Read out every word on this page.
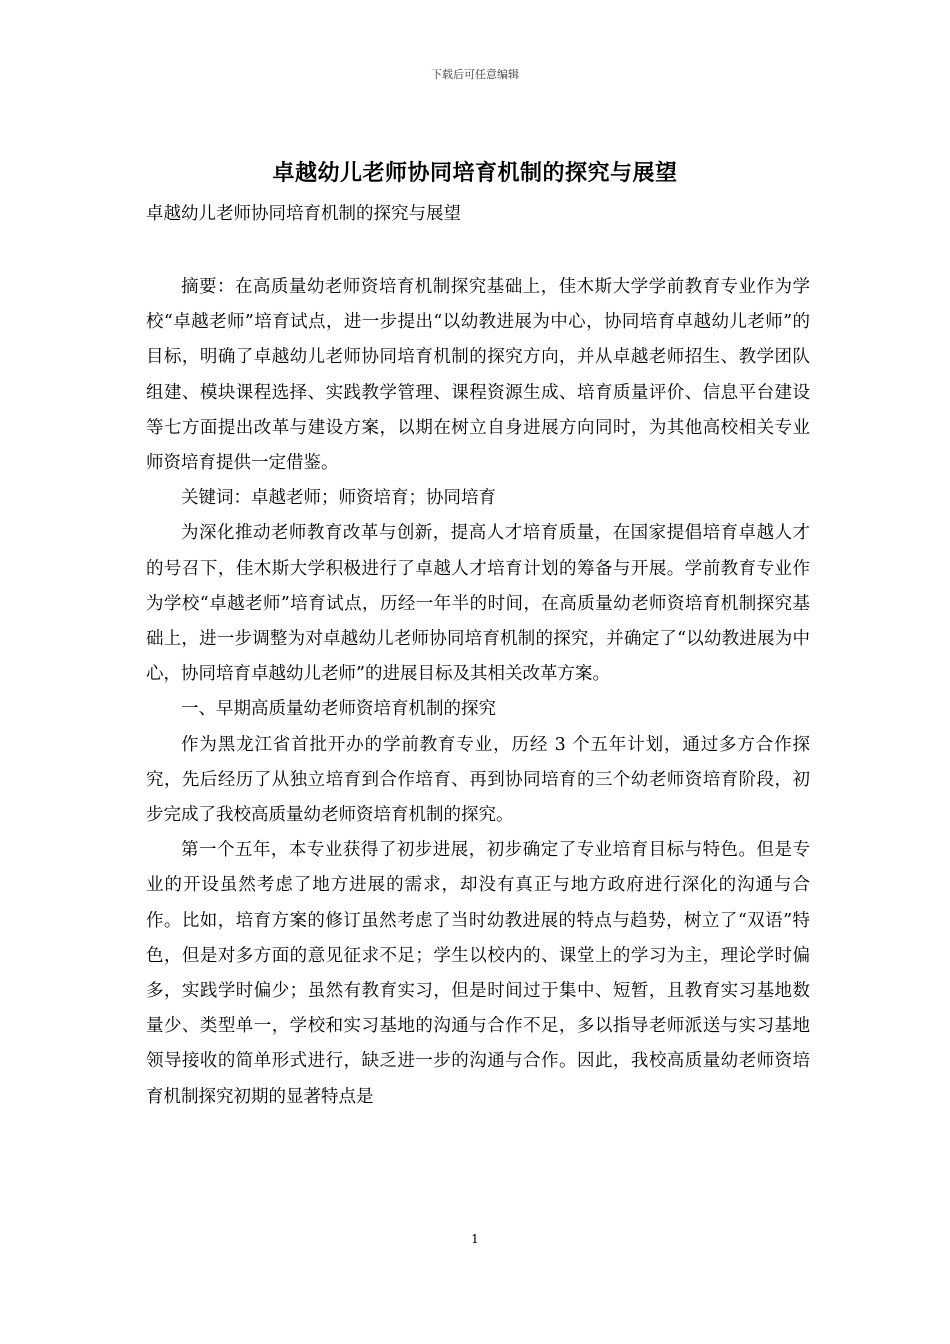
下载后可任意编辑
卓越幼儿老师协同培育机制的探究与展望
卓越幼儿老师协同培育机制的探究与展望

摘要：在高质量幼老师资培育机制探究基础上，佳木斯大学学前教育专业作为学校“卓越老师”培育试点，进一步提出“以幼教进展为中心，协同培育卓越幼儿老师”的目标，明确了卓越幼儿老师协同培育机制的探究方向，并从卓越老师招生、教学团队组建、模块课程选择、实践教学管理、课程资源生成、培育质量评价、信息平台建设等七方面提出改革与建设方案，以期在树立自身进展方向同时，为其他高校相关专业师资培育提供一定借鉴。

关键词：卓越老师；师资培育；协同培育

为深化推动老师教育改革与创新，提高人才培育质量，在国家提倡培育卓越人才的号召下，佳木斯大学积极进行了卓越人才培育计划的筹备与开展。学前教育专业作为学校“卓越老师”培育试点，历经一年半的时间，在高质量幼老师资培育机制探究基础上，进一步调整为对卓越幼儿老师协同培育机制的探究，并确定了“以幼教进展为中心，协同培育卓越幼儿老师”的进展目标及其相关改革方案。

一、早期高质量幼老师资培育机制的探究

作为黑龙江省首批开办的学前教育专业，历经 3 个五年计划，通过多方合作探究，先后经历了从独立培育到合作培育、再到协同培育的三个幼老师资培育阶段，初步完成了我校高质量幼老师资培育机制的探究。

第一个五年，本专业获得了初步进展，初步确定了专业培育目标与特色。但是专业的开设虽然考虑了地方进展的需求，却没有真正与地方政府进行深化的沟通与合作。比如，培育方案的修订虽然考虑了当时幼教进展的特点与趋势，树立了“双语”特色，但是对多方面的意见征求不足；学生以校内的、课堂上的学习为主，理论学时偏多，实践学时偏少；虽然有教育实习，但是时间过于集中、短暂，且教育实习基地数量少、类型单一，学校和实习基地的沟通与合作不足，多以指导老师派送与实习基地领导接收的简单形式进行，缺乏进一步的沟通与合作。因此，我校高质量幼老师资培育机制探究初期的显著特点是

1
